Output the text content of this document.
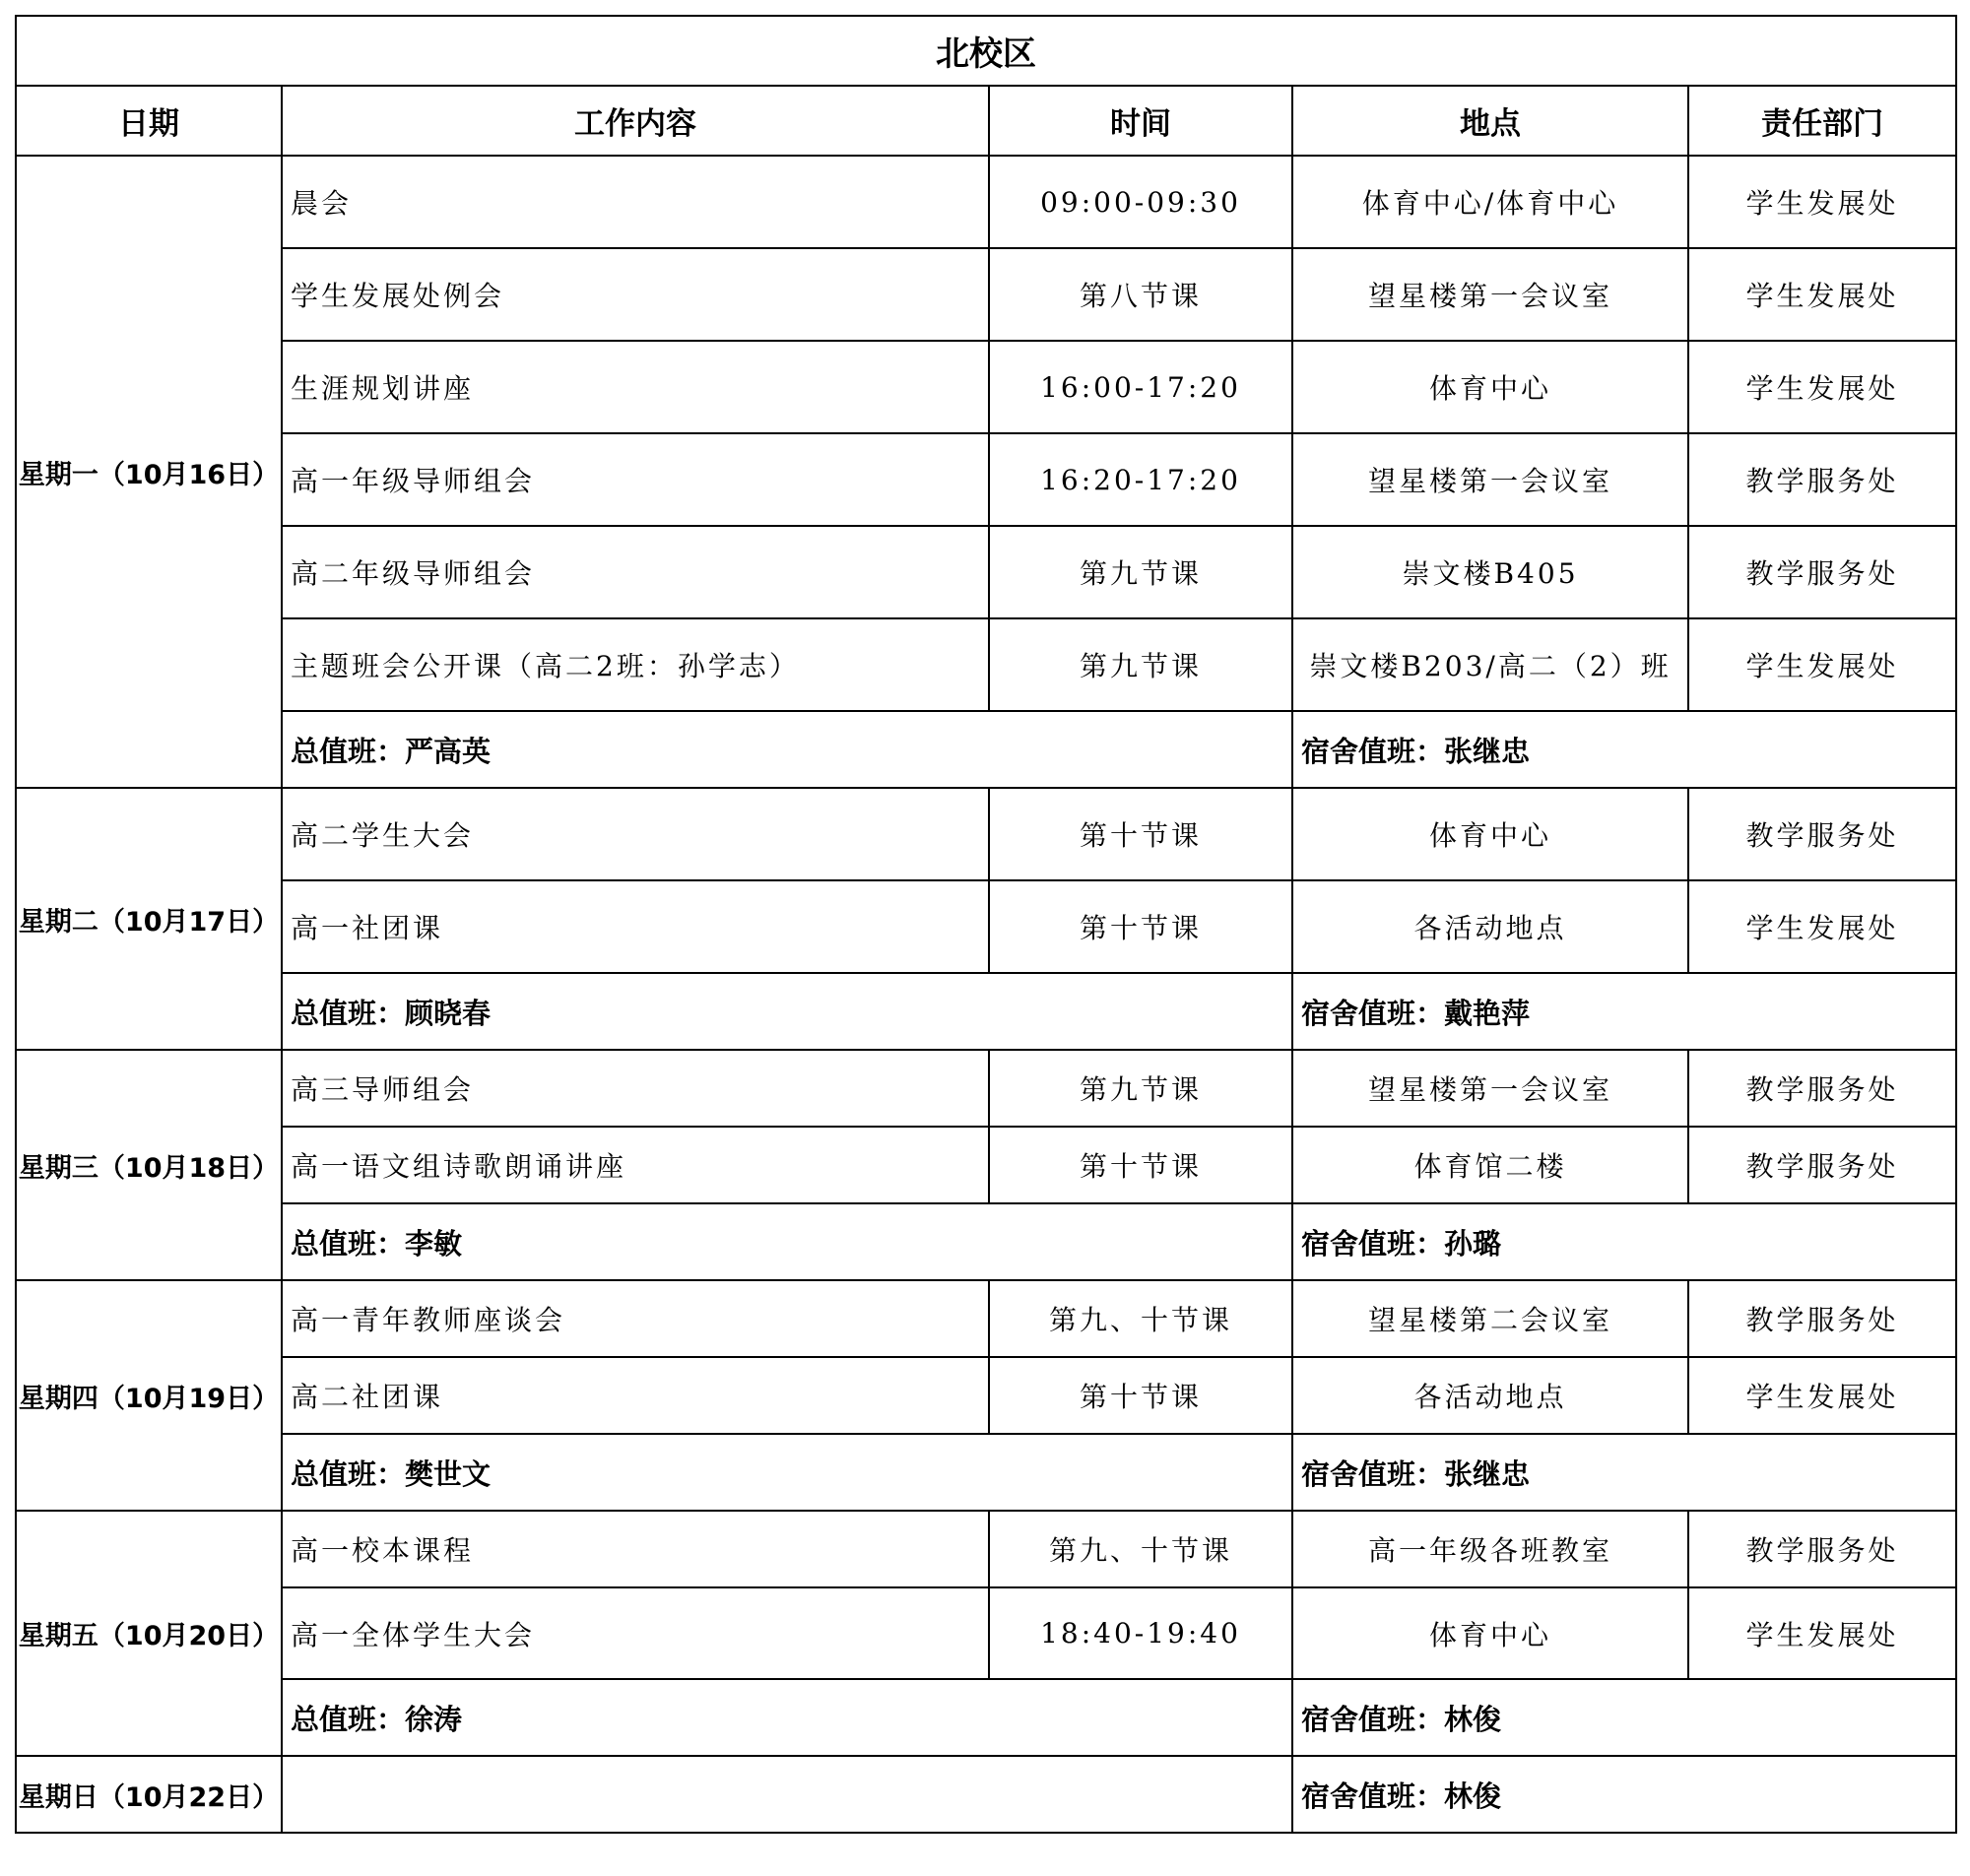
北校区				
日期	工作内容	时间	地点	责任部门
星期一（10月16日）	晨会	09:00-09:30	体育中心/体育中心	学生发展处
	学生发展处例会	第八节课	望星楼第一会议室	学生发展处
	生涯规划讲座	16:00-17:20	体育中心	学生发展处
	高一年级导师组会	16:20-17:20	望星楼第一会议室	教学服务处
	高二年级导师组会	第九节课	崇文楼B405	教学服务处
	主题班会公开课（高二2班：孙学志）	第九节课	崇文楼B203/高二（2）班	学生发展处
	总值班：严高英		宿舍值班：张继忠	
星期二（10月17日）	高二学生大会	第十节课	体育中心	教学服务处
	高一社团课	第十节课	各活动地点	学生发展处
	总值班：顾晓春		宿舍值班：戴艳萍	
星期三（10月18日）	高三导师组会	第九节课	望星楼第一会议室	教学服务处
	高一语文组诗歌朗诵讲座	第十节课	体育馆二楼	教学服务处
	总值班：李敏		宿舍值班：孙璐	
星期四（10月19日）	高一青年教师座谈会	第九、十节课	望星楼第二会议室	教学服务处
	高二社团课	第十节课	各活动地点	学生发展处
	总值班：樊世文		宿舍值班：张继忠	
星期五（10月20日）	高一校本课程	第九、十节课	高一年级各班教室	教学服务处
	高一全体学生大会	18:40-19:40	体育中心	学生发展处
	总值班：徐涛		宿舍值班：林俊	
星期日（10月22日）			宿舍值班：林俊	
